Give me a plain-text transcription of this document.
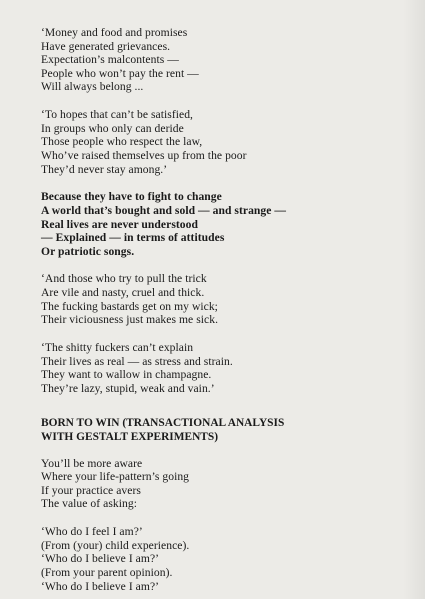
‘Money and food and promises
Have generated grievances.
Expectation’s malcontents —
People who won’t pay the rent —
Will always belong ...
‘To hopes that can’t be satisfied,
In groups who only can deride
Those people who respect the law,
Who’ve raised themselves up from the poor
They’d never stay among.’
Because they have to fight to change
A world that’s bought and sold — and strange —
Real lives are never understood
— Explained — in terms of attitudes
Or patriotic songs.
‘And those who try to pull the trick
Are vile and nasty, cruel and thick.
The fucking bastards get on my wick;
Their viciousness just makes me sick.
‘The shitty fuckers can’t explain
Their lives as real — as stress and strain.
They want to wallow in champagne.
They’re lazy, stupid, weak and vain.’
BORN TO WIN (TRANSACTIONAL ANALYSIS
WITH GESTALT EXPERIMENTS)
You’ll be more aware
Where your life-pattern’s going
If your practice avers
The value of asking:
‘Who do I feel I am?’
(From (your) child experience).
‘Who do I believe I am?’
(From your parent opinion).
‘Who do I believe I am?’
